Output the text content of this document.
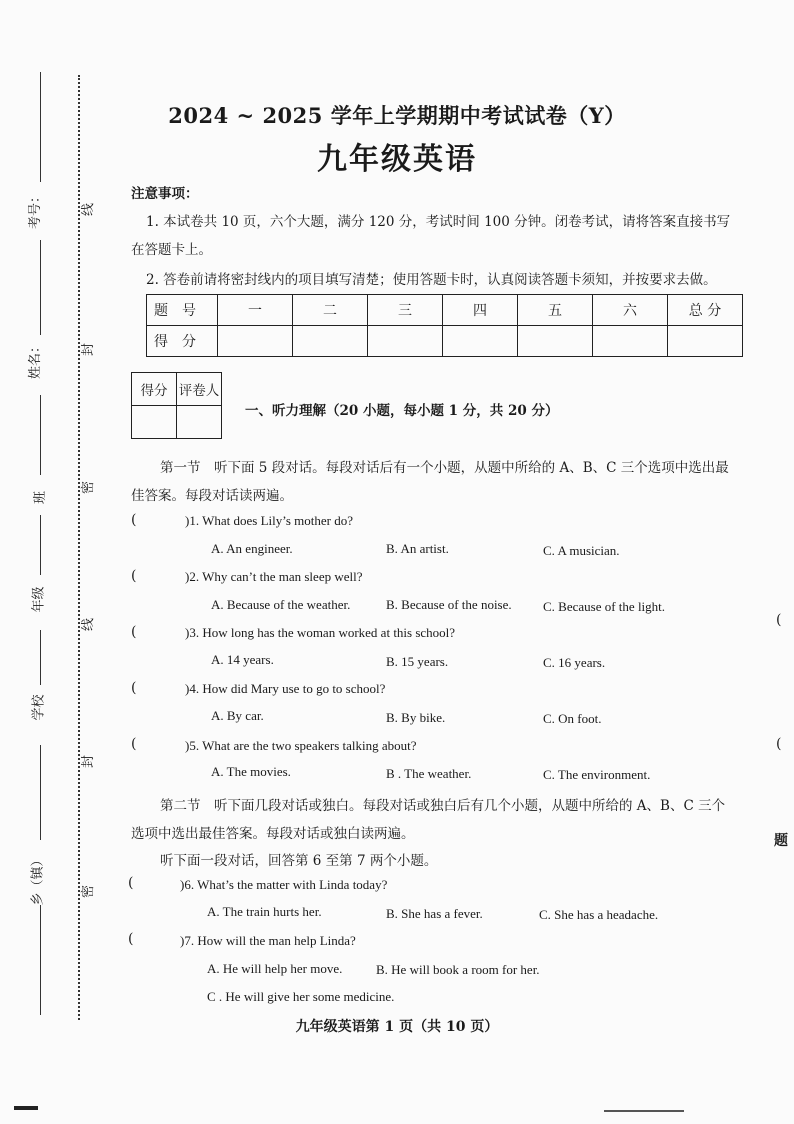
考号：
姓名：
班
年级
学校
乡（镇）
线
封
密
线
封
密
2024 ~ 2025 学年上学期期中考试试卷（Y）
九年级英语
注意事项：
1. 本试卷共 10 页，六个大题，满分 120 分，考试时间 100 分钟。闭卷考试，请将答案直接书写
在答题卡上。
2. 答卷前请将密封线内的项目填写清楚；使用答题卡时，认真阅读答题卡须知，并按要求去做。
题号	一	二	三	四	五	六	总 分
得分							
得分	评卷人

一、听力理解（20 小题，每小题 1 分，共 20 分）
第一节　听下面 5 段对话。每段对话后有一个小题，从题中所给的 A、B、C 三个选项中选出最
佳答案。每段对话读两遍。
(	)1. What does Lily’s mother do?
A. An engineer.	B. An artist.	C. A musician.
(	)2. Why can’t the man sleep well?
A. Because of the weather.	B. Because of the noise. C. Because of the light.
(	)3. How long has the woman worked at this school?
A. 14 years.	B. 15 years.	C. 16 years.
(	)4. How did Mary use to go to school?
A. By car.	B. By bike.	C. On foot.
(	)5. What are the two speakers talking about?
A. The movies.	B . The weather.	C. The environment.
第二节　听下面几段对话或独白。每段对话或独白后有几个小题，从题中所给的 A、B、C 三个
选项中选出最佳答案。每段对话或独白读两遍。
听下面一段对话，回答第 6 至第 7 两个小题。
(	)6. What’s the matter with Linda today?
A. The train hurts her.	B. She has a fever.	C. She has a headache.
(	)7. How will the man help Linda?
A. He will help her move.	B. He will book a room for her.
C . He will give her some medicine.
九年级英语第 1 页（共 10 页）
(
(
题
